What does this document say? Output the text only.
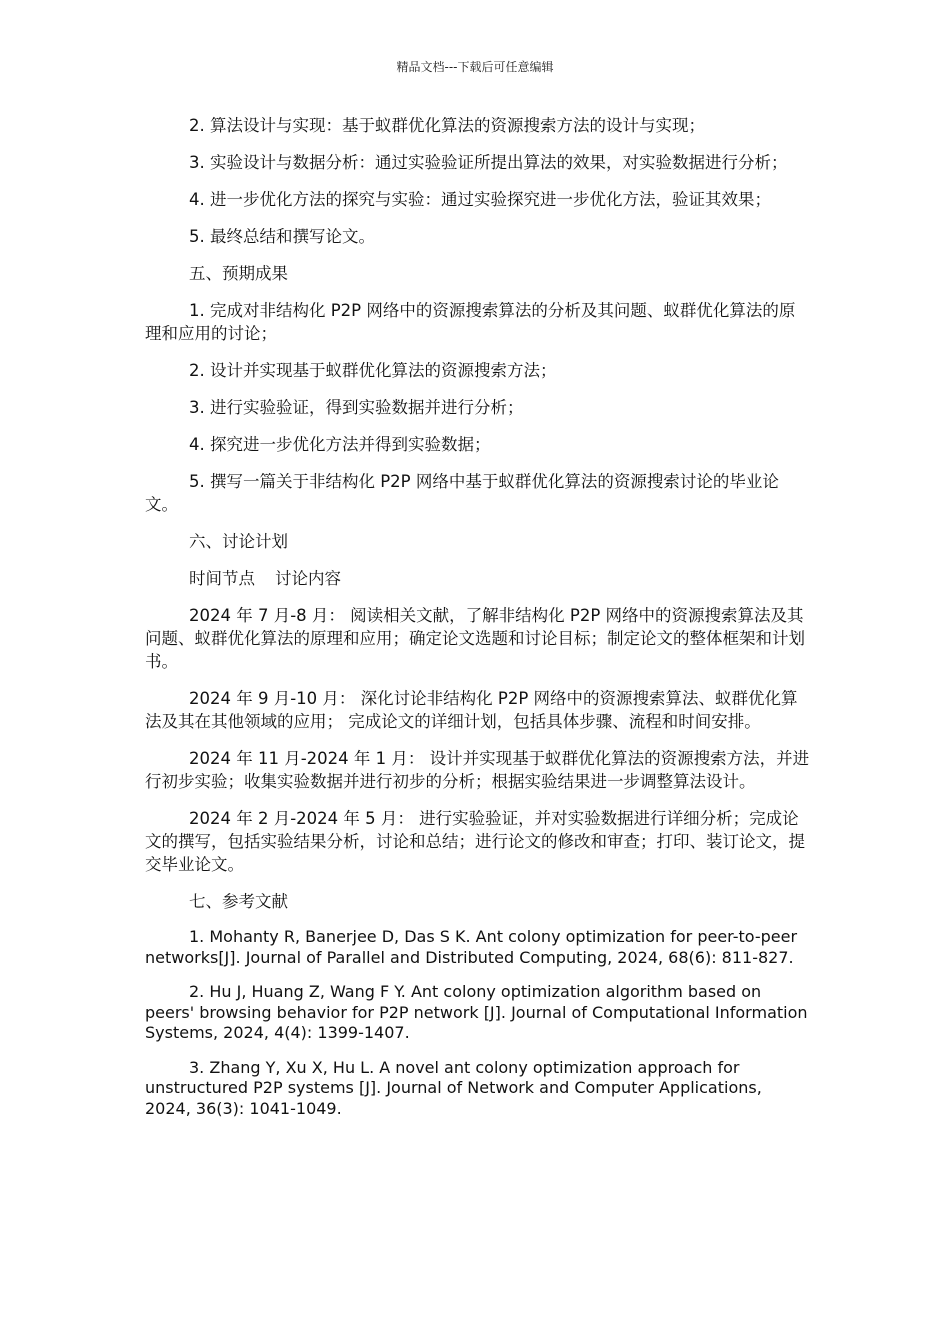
精品文档---下载后可任意编辑

2. 算法设计与实现：基于蚁群优化算法的资源搜索方法的设计与实现；

3. 实验设计与数据分析：通过实验验证所提出算法的效果，对实验数据进行分析；

4. 进一步优化方法的探究与实验：通过实验探究进一步优化方法，验证其效果；

5. 最终总结和撰写论文。

五、预期成果

1. 完成对非结构化 P2P 网络中的资源搜索算法的分析及其问题、蚁群优化算法的原理和应用的讨论；

2. 设计并实现基于蚁群优化算法的资源搜索方法；

3. 进行实验验证，得到实验数据并进行分析；

4. 探究进一步优化方法并得到实验数据；

5. 撰写一篇关于非结构化 P2P 网络中基于蚁群优化算法的资源搜索讨论的毕业论文。

六、讨论计划

时间节点 讨论内容

2024 年 7 月-8 月： 阅读相关文献，了解非结构化 P2P 网络中的资源搜索算法及其问题、蚁群优化算法的原理和应用；确定论文选题和讨论目标；制定论文的整体框架和计划书。

2024 年 9 月-10 月： 深化讨论非结构化 P2P 网络中的资源搜索算法、蚁群优化算法及其在其他领域的应用； 完成论文的详细计划，包括具体步骤、流程和时间安排。

2024 年 11 月-2024 年 1 月： 设计并实现基于蚁群优化算法的资源搜索方法，并进行初步实验；收集实验数据并进行初步的分析；根据实验结果进一步调整算法设计。

2024 年 2 月-2024 年 5 月： 进行实验验证，并对实验数据进行详细分析；完成论文的撰写，包括实验结果分析，讨论和总结；进行论文的修改和审查；打印、装订论文，提交毕业论文。

七、参考文献

1. Mohanty R, Banerjee D, Das S K. Ant colony optimization for peer-to-peer networks[J]. Journal of Parallel and Distributed Computing, 2024, 68(6): 811-827.

2. Hu J, Huang Z, Wang F Y. Ant colony optimization algorithm based on peers' browsing behavior for P2P network [J]. Journal of Computational Information Systems, 2024, 4(4): 1399-1407.

3. Zhang Y, Xu X, Hu L. A novel ant colony optimization approach for unstructured P2P systems [J]. Journal of Network and Computer Applications, 2024, 36(3): 1041-1049.
